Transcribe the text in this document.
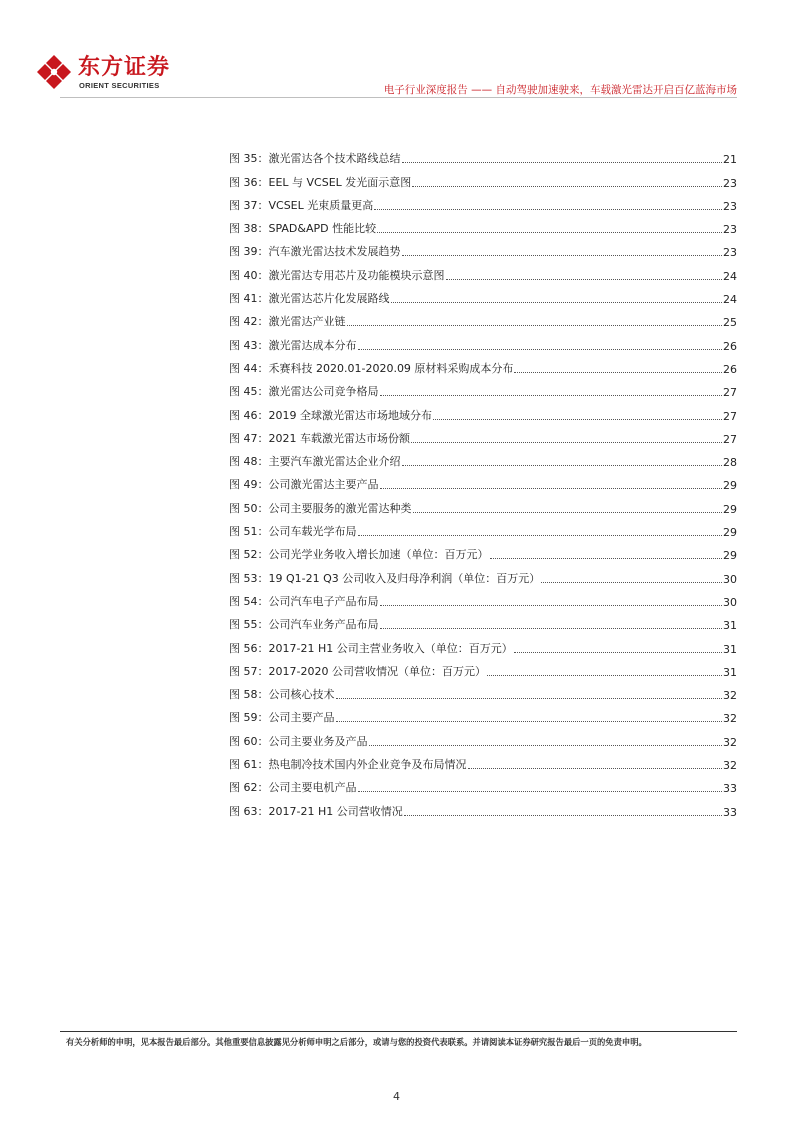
东方证券
ORIENT SECURITIES	电子行业深度报告 —— 自动驾驶加速驶来，车载激光雷达开启百亿蓝海市场
图 35：激光雷达各个技术路线总结	21
图 36：EEL 与 VCSEL 发光面示意图	23
图 37：VCSEL 光束质量更高	23
图 38：SPAD&APD 性能比较	23
图 39：汽车激光雷达技术发展趋势	23
图 40：激光雷达专用芯片及功能模块示意图	24
图 41：激光雷达芯片化发展路线	24
图 42：激光雷达产业链	25
图 43：激光雷达成本分布	26
图 44：禾赛科技 2020.01-2020.09 原材料采购成本分布	26
图 45：激光雷达公司竞争格局	27
图 46：2019 全球激光雷达市场地域分布	27
图 47：2021 车载激光雷达市场份额	27
图 48：主要汽车激光雷达企业介绍	28
图 49：公司激光雷达主要产品	29
图 50：公司主要服务的激光雷达种类	29
图 51：公司车载光学布局	29
图 52：公司光学业务收入增长加速（单位：百万元）	29
图 53：19 Q1-21 Q3 公司收入及归母净利润（单位：百万元）	30
图 54：公司汽车电子产品布局	30
图 55：公司汽车业务产品布局	31
图 56：2017-21 H1 公司主营业务收入（单位：百万元）	31
图 57：2017-2020 公司营收情况（单位：百万元）	31
图 58：公司核心技术	32
图 59：公司主要产品	32
图 60：公司主要业务及产品	32
图 61：热电制冷技术国内外企业竞争及布局情况	32
图 62：公司主要电机产品	33
图 63：2017-21 H1 公司营收情况	33
有关分析师的申明，见本报告最后部分。其他重要信息披露见分析师申明之后部分，或请与您的投资代表联系。并请阅读本证券研究报告最后一页的免责申明。
4
